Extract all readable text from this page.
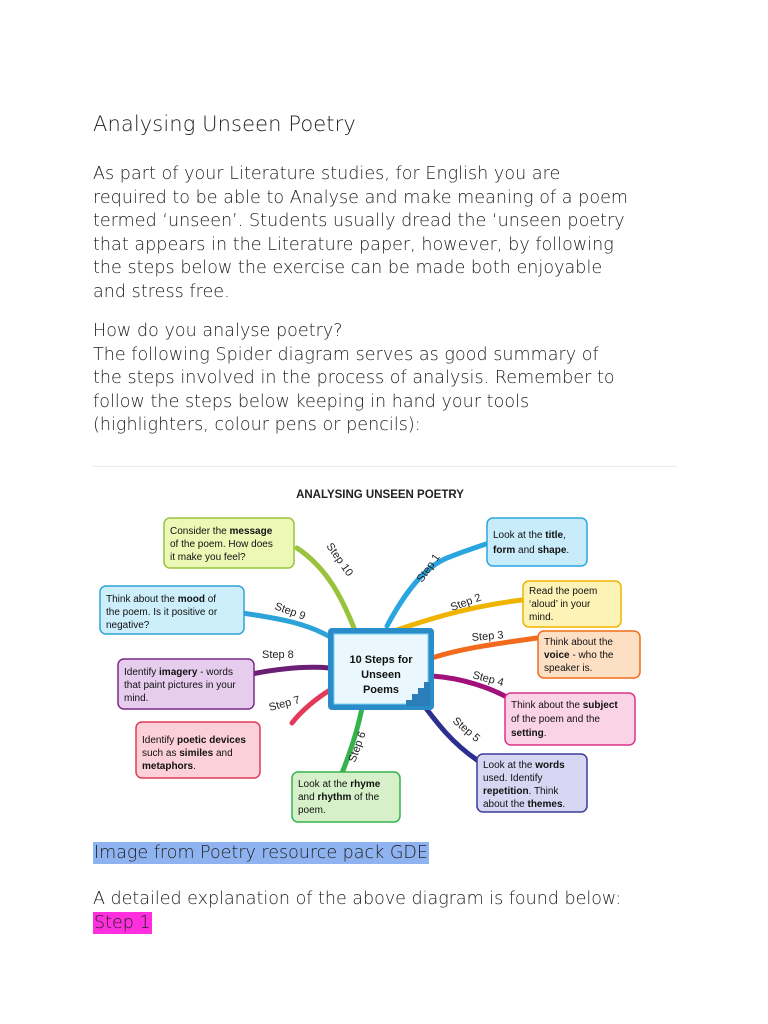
Analysing Unseen Poetry
As part of your Literature studies, for English you are
required to be able to Analyse and make meaning of a poem
termed ‘unseen’. Students usually dread the ‘unseen poetry
that appears in the Literature paper, however, by following
the steps below the exercise can be made both enjoyable
and stress free.
How do you analyse poetry?
The following Spider diagram serves as good summary of
the steps involved in the process of analysis. Remember to
follow the steps below keeping in hand your tools
(highlighters, colour pens or pencils):
ANALYSING UNSEEN POETRY
Step 1
Step 2
Step 3
Step 4
Step 5
Step 6
Step 7
Step 8
Step 9
Step 10
10 Steps for
Unseen
Poems
Look at the title,
form and shape.
Read the poem
‘aloud’ in your
mind.
Think about the
voice - who the
speaker is.
Think about the subject
of the poem and the
setting.
Look at the words
used. Identify
repetition. Think
about the themes.
Look at the rhyme
and rhythm of the
poem.
Identify poetic devices
such as similes and
metaphors.
Identify imagery - words
that paint pictures in your
mind.
Think about the mood of
the poem. Is it positive or
negative?
Consider the message
of the poem. How does
it make you feel?
Image from Poetry resource pack GDE
A detailed explanation of the above diagram is found below:
Step 1
